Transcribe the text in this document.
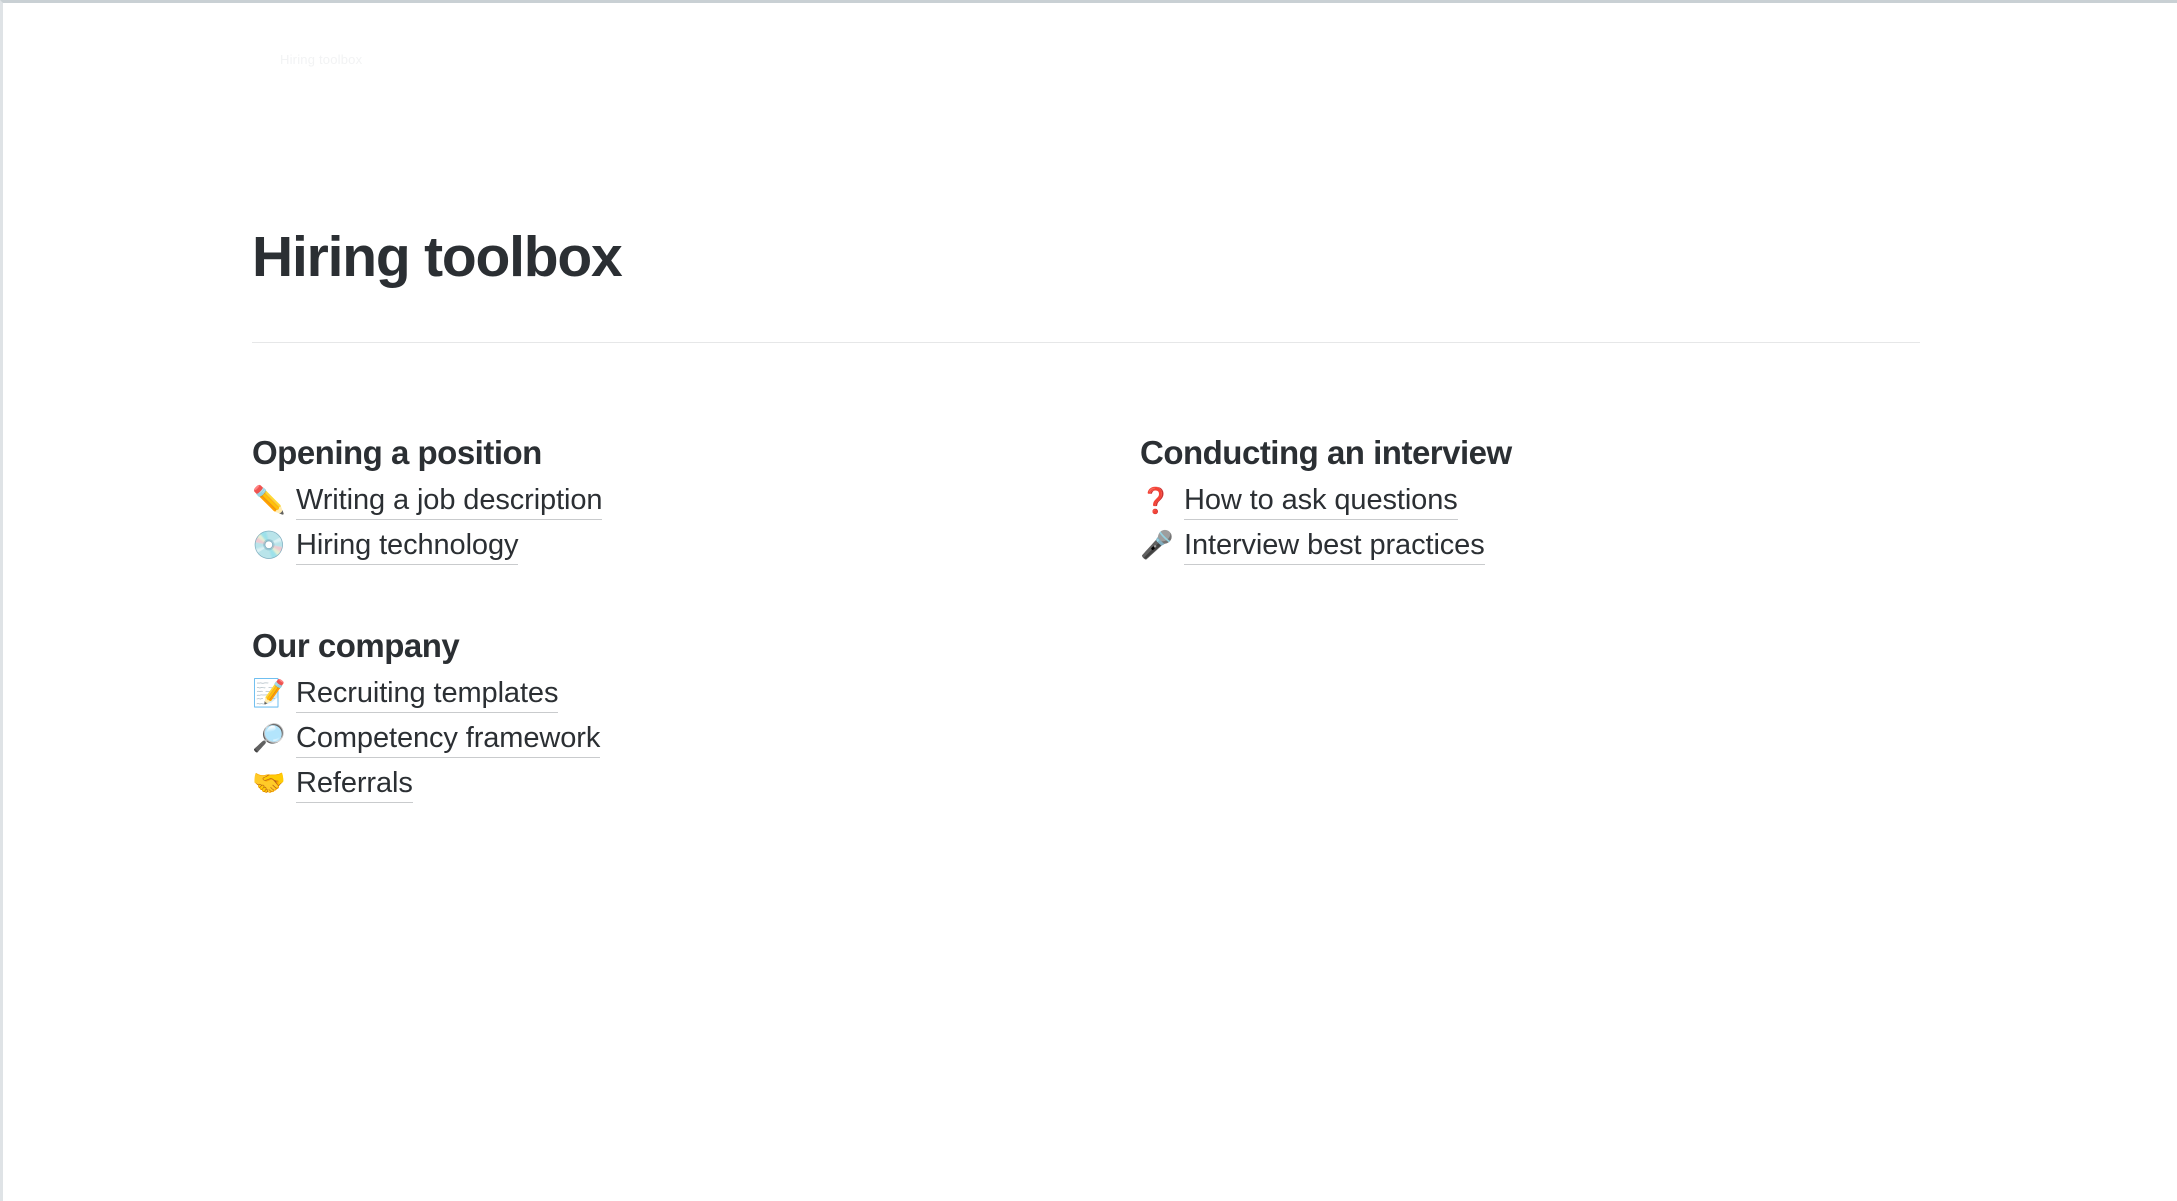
Hiring toolbox
Hiring toolbox
Opening a position
✏️ Writing a job description
💿 Hiring technology
Our company
📝 Recruiting templates
🔎 Competency framework
🤝 Referrals
Conducting an interview
❓ How to ask questions
🎤 Interview best practices
